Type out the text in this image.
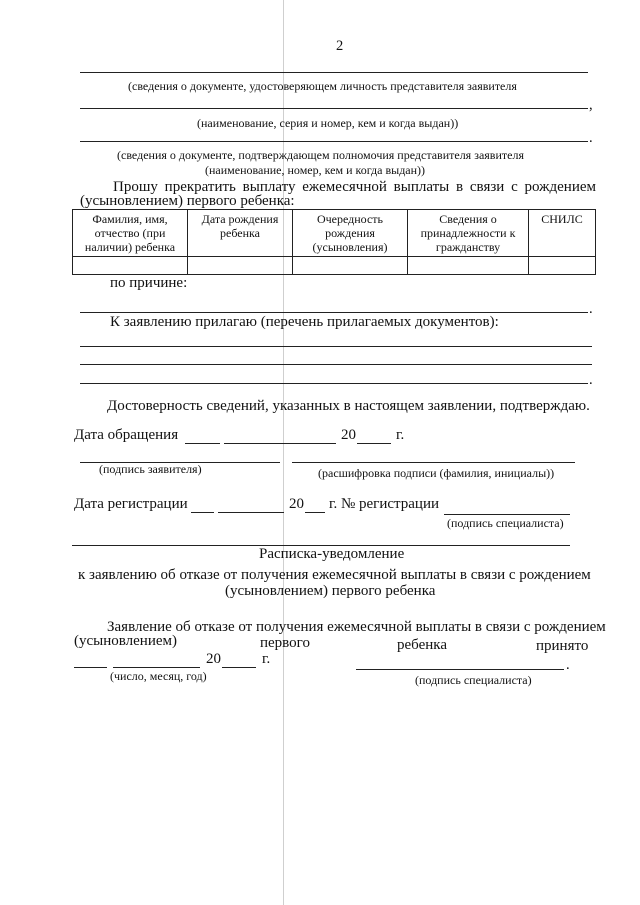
2
(сведения о документе, удостоверяющем личность представителя заявителя
,
(наименование, серия и номер, кем и когда выдан))
.
(сведения о документе, подтверждающем полномочия представителя заявителя
(наименование, номер, кем и когда выдан))
Прошу прекратить выплату ежемесячной выплаты в связи с рождением
(усыновлением) первого ребенка:
Фамилия, имя, отчество (при наличии) ребенка	Дата рождения ребенка	Очередность рождения (усыновления)	Сведения о принадлежности к гражданству	СНИЛС

по причине:
.
К заявлению прилагаю (перечень прилагаемых документов):
.
Достоверность сведений, указанных в настоящем заявлении, подтверждаю.
Дата обращения	20	г.
(подпись заявителя)	(расшифровка подписи (фамилия, инициалы))
Дата регистрации	20 г. № регистрации
(подпись специалиста)
Расписка-уведомление
к заявлению об отказе от получения ежемесячной выплаты в связи с рождением
(усыновлением) первого ребенка
Заявление об отказе от получения ежемесячной выплаты в связи с рождением
(усыновлением)	первого	ребенка	принято
20	г.	.
(число, месяц, год)	(подпись специалиста)
